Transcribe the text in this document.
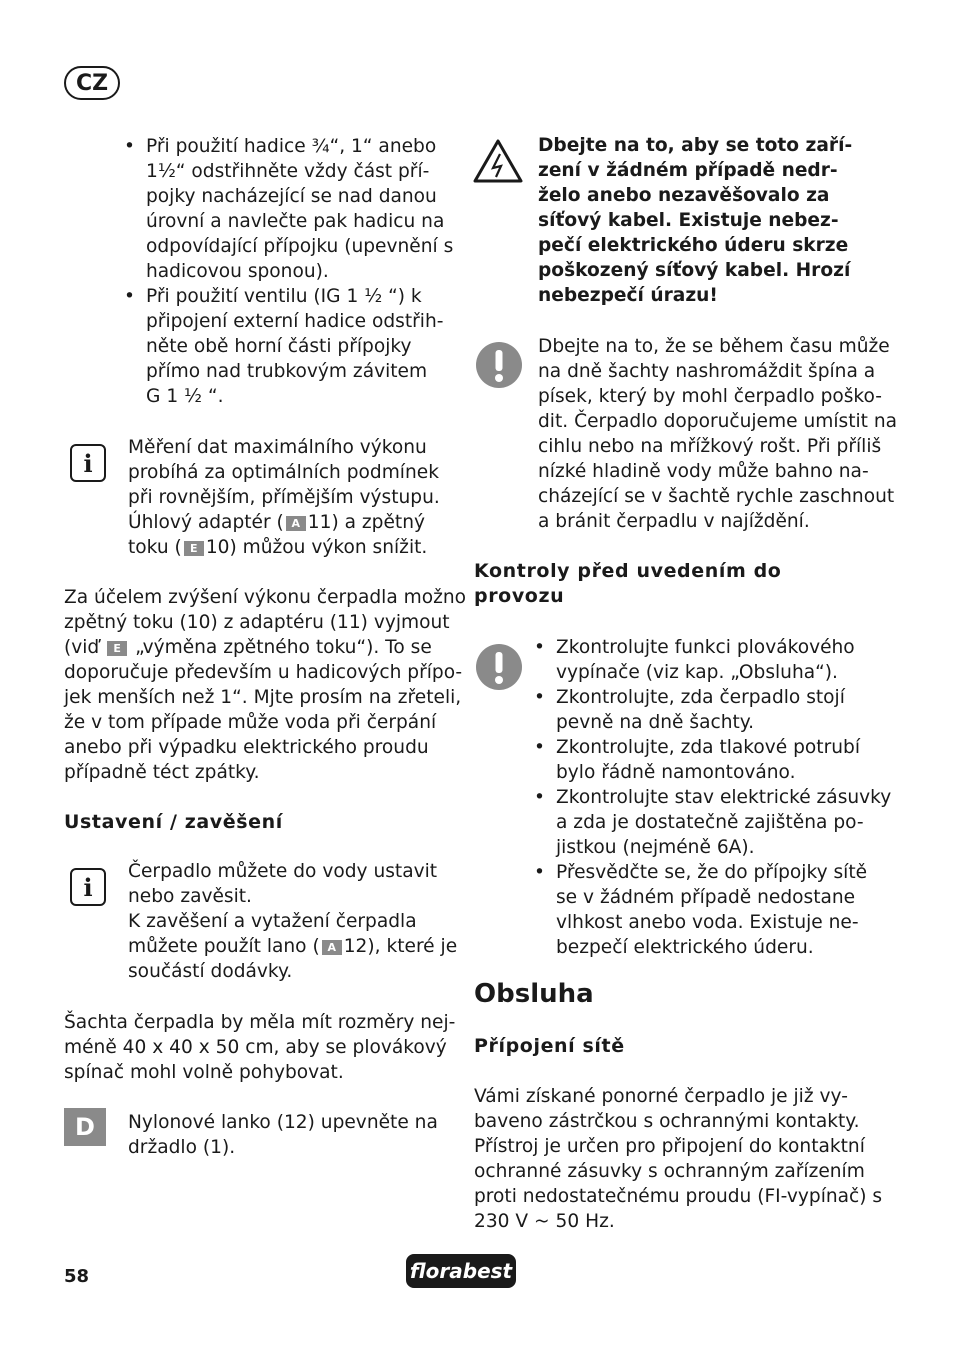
CZ
• Při použití hadice ¾“, 1“ anebo
1½“ odstřihněte vždy část pří-
pojky nacházející se nad danou
úrovní a navlečte pak hadicu na
odpovídající přípojku (upevnění s
hadicovou sponou).
• Při použití ventilu (IG 1 ½ “) k
připojení externí hadice odstřih-
něte obě horní části přípojky
přímo nad trubkovým závitem
G 1 ½ “.
i
Měření dat maximálního výkonu
probíhá za optimálních podmínek
při rovnějším, přímějším výstupu.
Úhlový adaptér ( A 11) a zpětný
toku ( E 10) můžou výkon snížit.
Za účelem zvýšení výkonu čerpadla možno
zpětný toku (10) z adaptéru (11) vyjmout
(viď E „výměna zpětného toku“). To se
doporučuje především u hadicových přípo-
jek menších než 1“. Mjte prosím na zřeteli,
že v tom případe může voda při čerpání
anebo při výpadku elektrického proudu
případně téct zpátky.
Ustavení / zavěšení
i
Čerpadlo můžete do vody ustavit
nebo zavěsit.
K zavěšení a vytažení čerpadla
můžete použít lano ( A 12), které je
součástí dodávky.
Šachta čerpadla by měla mít rozměry nej-
méně 40 x 40 x 50 cm, aby se plovákový
spínač mohl volně pohybovat.
D Nylonové lanko (12) upevněte na
držadlo (1).
Dbejte na to, aby se toto zaří-
zení v žádném případě nedr-
želo anebo nezavěšovalo za
síťový kabel. Existuje nebez-
pečí elektrického úderu skrze
poškozený síťový kabel. Hrozí
nebezpečí úrazu!
Dbejte na to, že se během času může
na dně šachty nashromáždit špína a
písek, který by mohl čerpadlo poško-
dit. Čerpadlo doporučujeme umístit na
cihlu nebo na mřížkový rošt. Při příliš
nízké hladině vody může bahno na-
cházející se v šachtě rychle zaschnout
a bránit čerpadlu v najíždění.
Kontroly před uvedením do
provozu
• Zkontrolujte funkci plovákového
vypínače (viz kap. „Obsluha“).
• Zkontrolujte, zda čerpadlo stojí
pevně na dně šachty.
• Zkontrolujte, zda tlakové potrubí
bylo řádně namontováno.
• Zkontrolujte stav elektrické zásuvky
a zda je dostatečně zajištěna po-
jistkou (nejméně 6A).
• Přesvědčte se, že do přípojky sítě
se v žádném případě nedostane
vlhkost anebo voda. Existuje ne-
bezpečí elektrického úderu.
Obsluha
Přípojení sítě
Vámi získané ponorné čerpadlo je již vy-
baveno zástrčkou s ochrannými kontakty.
Přístroj je určen pro připojení do kontaktní
ochranné zásuvky s ochranným zařízením
proti nedostatečnému proudu (FI-vypínač) s
230 V ~ 50 Hz.
58	florabest
